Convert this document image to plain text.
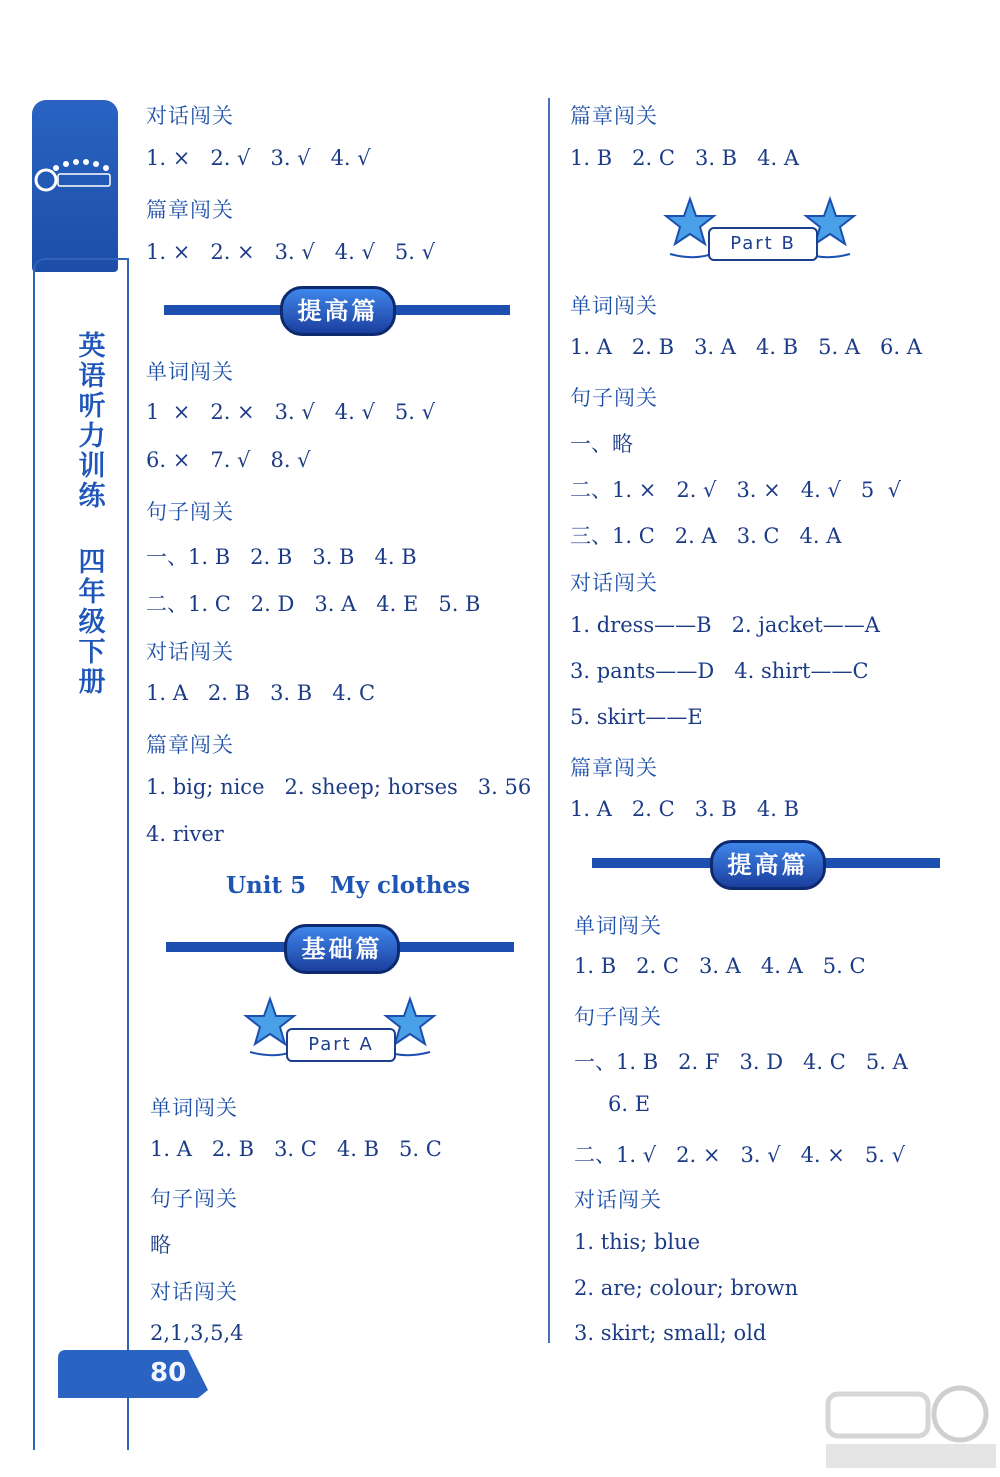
英
语
听
力
训
练
四
年
级
下
册
80
对话闯关
1. ×   2. √   3. √   4. √
篇章闯关
1. ×   2. ×   3. √   4. √   5. √
提高篇
单词闯关
1  ×   2. ×   3. √   4. √   5. √
6. ×   7. √   8. √
句子闯关
一、1. B   2. B   3. B   4. B
二、1. C   2. D   3. A   4. E   5. B
对话闯关
1. A   2. B   3. B   4. C
篇章闯关
1. big; nice   2. sheep; horses   3. 56
4. river
Unit 5   My clothes
基础篇
Part A
单词闯关
1. A   2. B   3. C   4. B   5. C
句子闯关
略
对话闯关
2,1,3,5,4
篇章闯关
1. B   2. C   3. B   4. A
Part B
单词闯关
1. A   2. B   3. A   4. B   5. A   6. A
句子闯关
一、略
二、1. ×   2. √   3. ×   4. √   5  √
三、1. C   2. A   3. C   4. A
对话闯关
1. dress——B   2. jacket——A
3. pants——D   4. shirt——C
5. skirt——E
篇章闯关
1. A   2. C   3. B   4. B
提高篇
单词闯关
1. B   2. C   3. A   4. A   5. C
句子闯关
一、1. B   2. F   3. D   4. C   5. A
6. E
二、1. √   2. ×   3. √   4. ×   5. √
对话闯关
1. this; blue
2. are; colour; brown
3. skirt; small; old
